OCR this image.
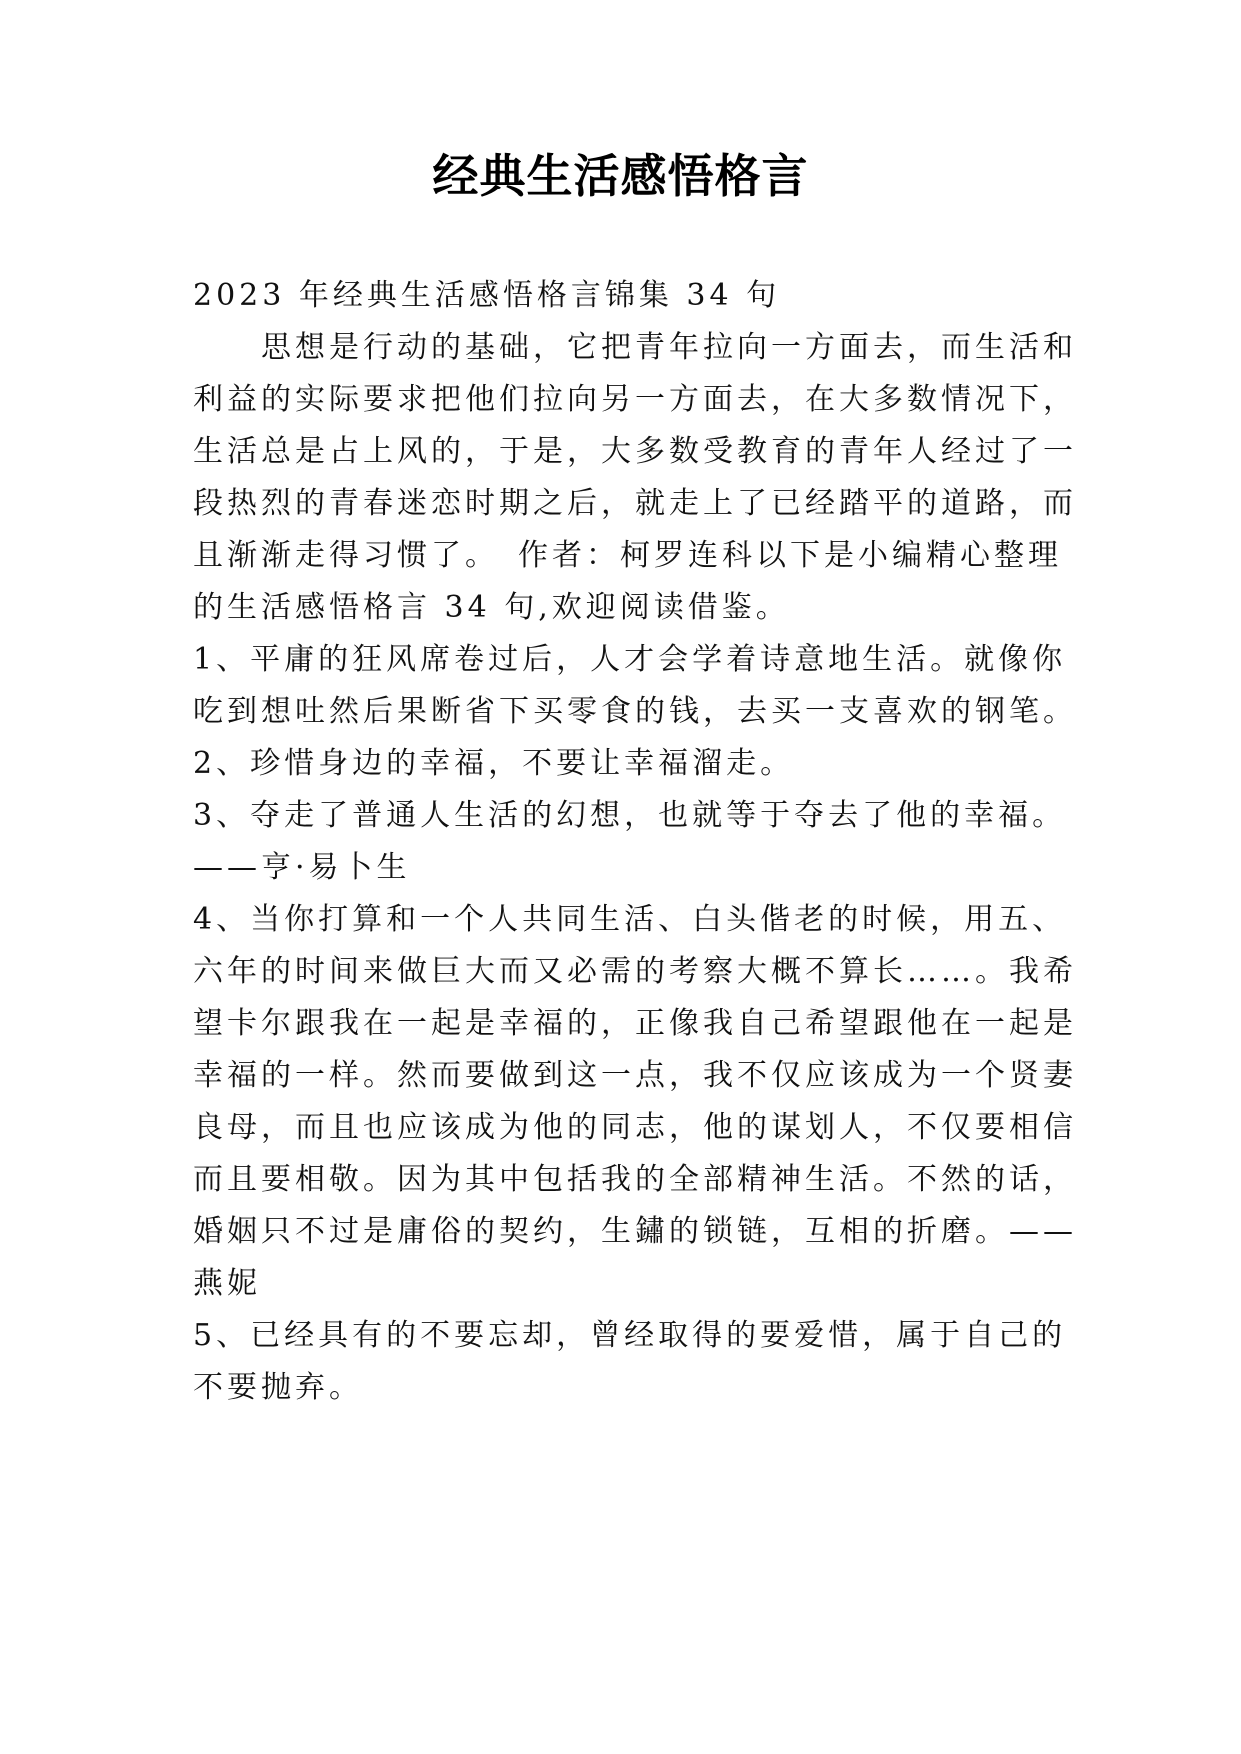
经典生活感悟格言
2023 年经典生活感悟格言锦集 34 句
　　思想是行动的基础，它把青年拉向一方面去，而生活和
利益的实际要求把他们拉向另一方面去，在大多数情况下，
生活总是占上风的，于是，大多数受教育的青年人经过了一
段热烈的青春迷恋时期之后，就走上了已经踏平的道路，而
且渐渐走得习惯了。　作者：柯罗连科以下是小编精心整理
的生活感悟格言 34 句,欢迎阅读借鉴。
1、平庸的狂风席卷过后，人才会学着诗意地生活。就像你
吃到想吐然后果断省下买零食的钱，去买一支喜欢的钢笔。
2、珍惜身边的幸福，不要让幸福溜走。
3、夺走了普通人生活的幻想，也就等于夺去了他的幸福。
——亨·易卜生
4、当你打算和一个人共同生活、白头偕老的时候，用五、
六年的时间来做巨大而又必需的考察大概不算长……。我希
望卡尔跟我在一起是幸福的，正像我自己希望跟他在一起是
幸福的一样。然而要做到这一点，我不仅应该成为一个贤妻
良母，而且也应该成为他的同志，他的谋划人，不仅要相信
而且要相敬。因为其中包括我的全部精神生活。不然的话，
婚姻只不过是庸俗的契约，生鏽的锁链，互相的折磨。——
燕妮
5、已经具有的不要忘却，曾经取得的要爱惜，属于自己的
不要抛弃。
